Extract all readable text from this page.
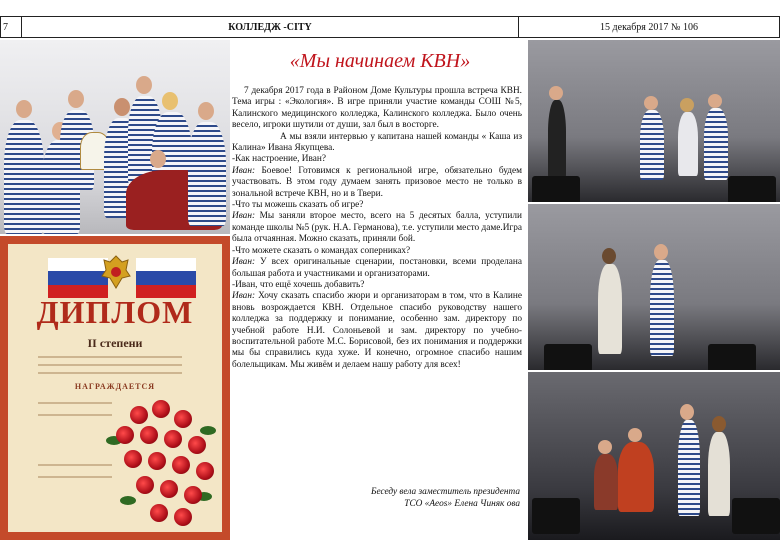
7	КОЛЛЕДЖ -СITY	15 декабря 2017 № 106
ДИПЛОМ
II степени
НАГРАЖДАЕТСЯ
«Мы начинаем КВН»

7 декабря 2017 года в Районом Доме Культуры прошла встреча КВН. Тема игры : «Экология». В игре приняли участие команды СОШ №5, Калинского медицинского колледжа, Калинского колледжа. Было очень весело, игроки шутили от души, зал был в восторге.

А мы взяли интервью у капитана нашей команды « Каша из Калина» Ивана Якупцева.

-Как настроение, Иван?

Иван: Боевое! Готовимся к региональной игре, обязательно будем участвовать. В этом году думаем занять призовое место не только в зональной встрече КВН, но и в Твери.

-Что ты можешь сказать об игре?

Иван: Мы заняли второе место, всего на 5 десятых балла, уступили команде школы №5 (рук. Н.А. Германова), т.е. уступили место даме.Игра была отчаянная. Можно сказать, приняли бой.

-Что можете сказать о командах соперниках?

Иван: У всех оригинальные сценарии, постановки, всеми проделана большая работа и участниками и организаторами.

-Иван, что ещё хочешь добавить?

Иван: Хочу сказать спасибо жюри и организаторам в том, что в Калине вновь возрождается КВН. Отдельное спасибо руководству нашего колледжа за поддержку и понимание, особенно зам. директору по учебной работе Н.И. Солоньевой и зам. директору по учебно-воспитательной работе М.С. Борисовой, без их понимания и поддержки мы бы справились куда хуже. И конечно, огромное спасибо нашим болельщикам. Мы живём и делаем нашу работу для всех!

Беседу вела заместитель президента
ТСО «Aeos» Елена Чиняк ова
